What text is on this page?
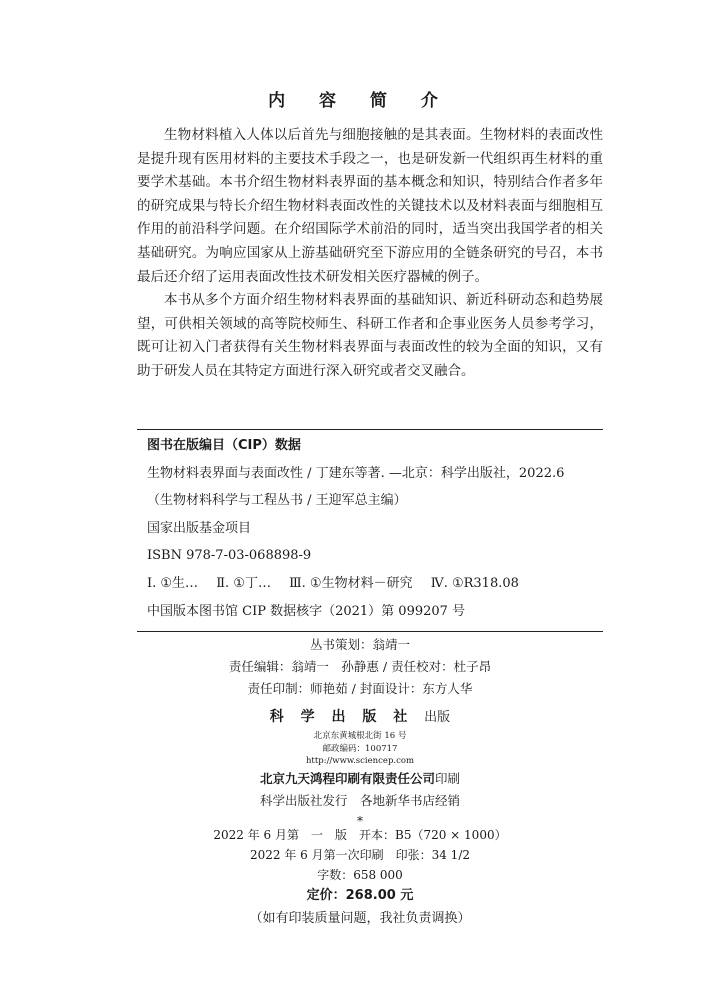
内 容 简 介

生物材料植入人体以后首先与细胞接触的是其表面。生物材料的表面改性是提升现有医用材料的主要技术手段之一，也是研发新一代组织再生材料的重要学术基础。本书介绍生物材料表界面的基本概念和知识，特别结合作者多年的研究成果与特长介绍生物材料表面改性的关键技术以及材料表面与细胞相互作用的前沿科学问题。在介绍国际学术前沿的同时，适当突出我国学者的相关基础研究。为响应国家从上游基础研究至下游应用的全链条研究的号召，本书最后还介绍了运用表面改性技术研发相关医疗器械的例子。

本书从多个方面介绍生物材料表界面的基础知识、新近科研动态和趋势展望，可供相关领域的高等院校师生、科研工作者和企事业医务人员参考学习，既可让初入门者获得有关生物材料表界面与表面改性的较为全面的知识，又有助于研发人员在其特定方面进行深入研究或者交叉融合。

图书在版编目（CIP）数据
生物材料表界面与表面改性 / 丁建东等著. —北京：科学出版社，2022.6
（生物材料科学与工程丛书 / 王迎军总主编）
国家出版基金项目
ISBN 978-7-03-068898-9
Ⅰ. ①生… Ⅱ. ①丁… Ⅲ. ①生物材料－研究 Ⅳ. ①R318.08
中国版本图书馆 CIP 数据核字（2021）第 099207 号
丛书策划：翁靖一
责任编辑：翁靖一　孙静惠 / 责任校对：杜子昂
责任印制：师艳茹 / 封面设计：东方人华
科 学 出 版 社 出版
北京东黄城根北街 16 号
邮政编码：100717
http://www.sciencep.com
北京九天鸿程印刷有限责任公司印刷
科学出版社发行　各地新华书店经销
*
2022 年 6 月第　一　版　开本：B5（720 × 1000）
2022 年 6 月第一次印刷　印张：34 1/2
字数：658 000
定价：268.00 元
（如有印装质量问题，我社负责调换）
